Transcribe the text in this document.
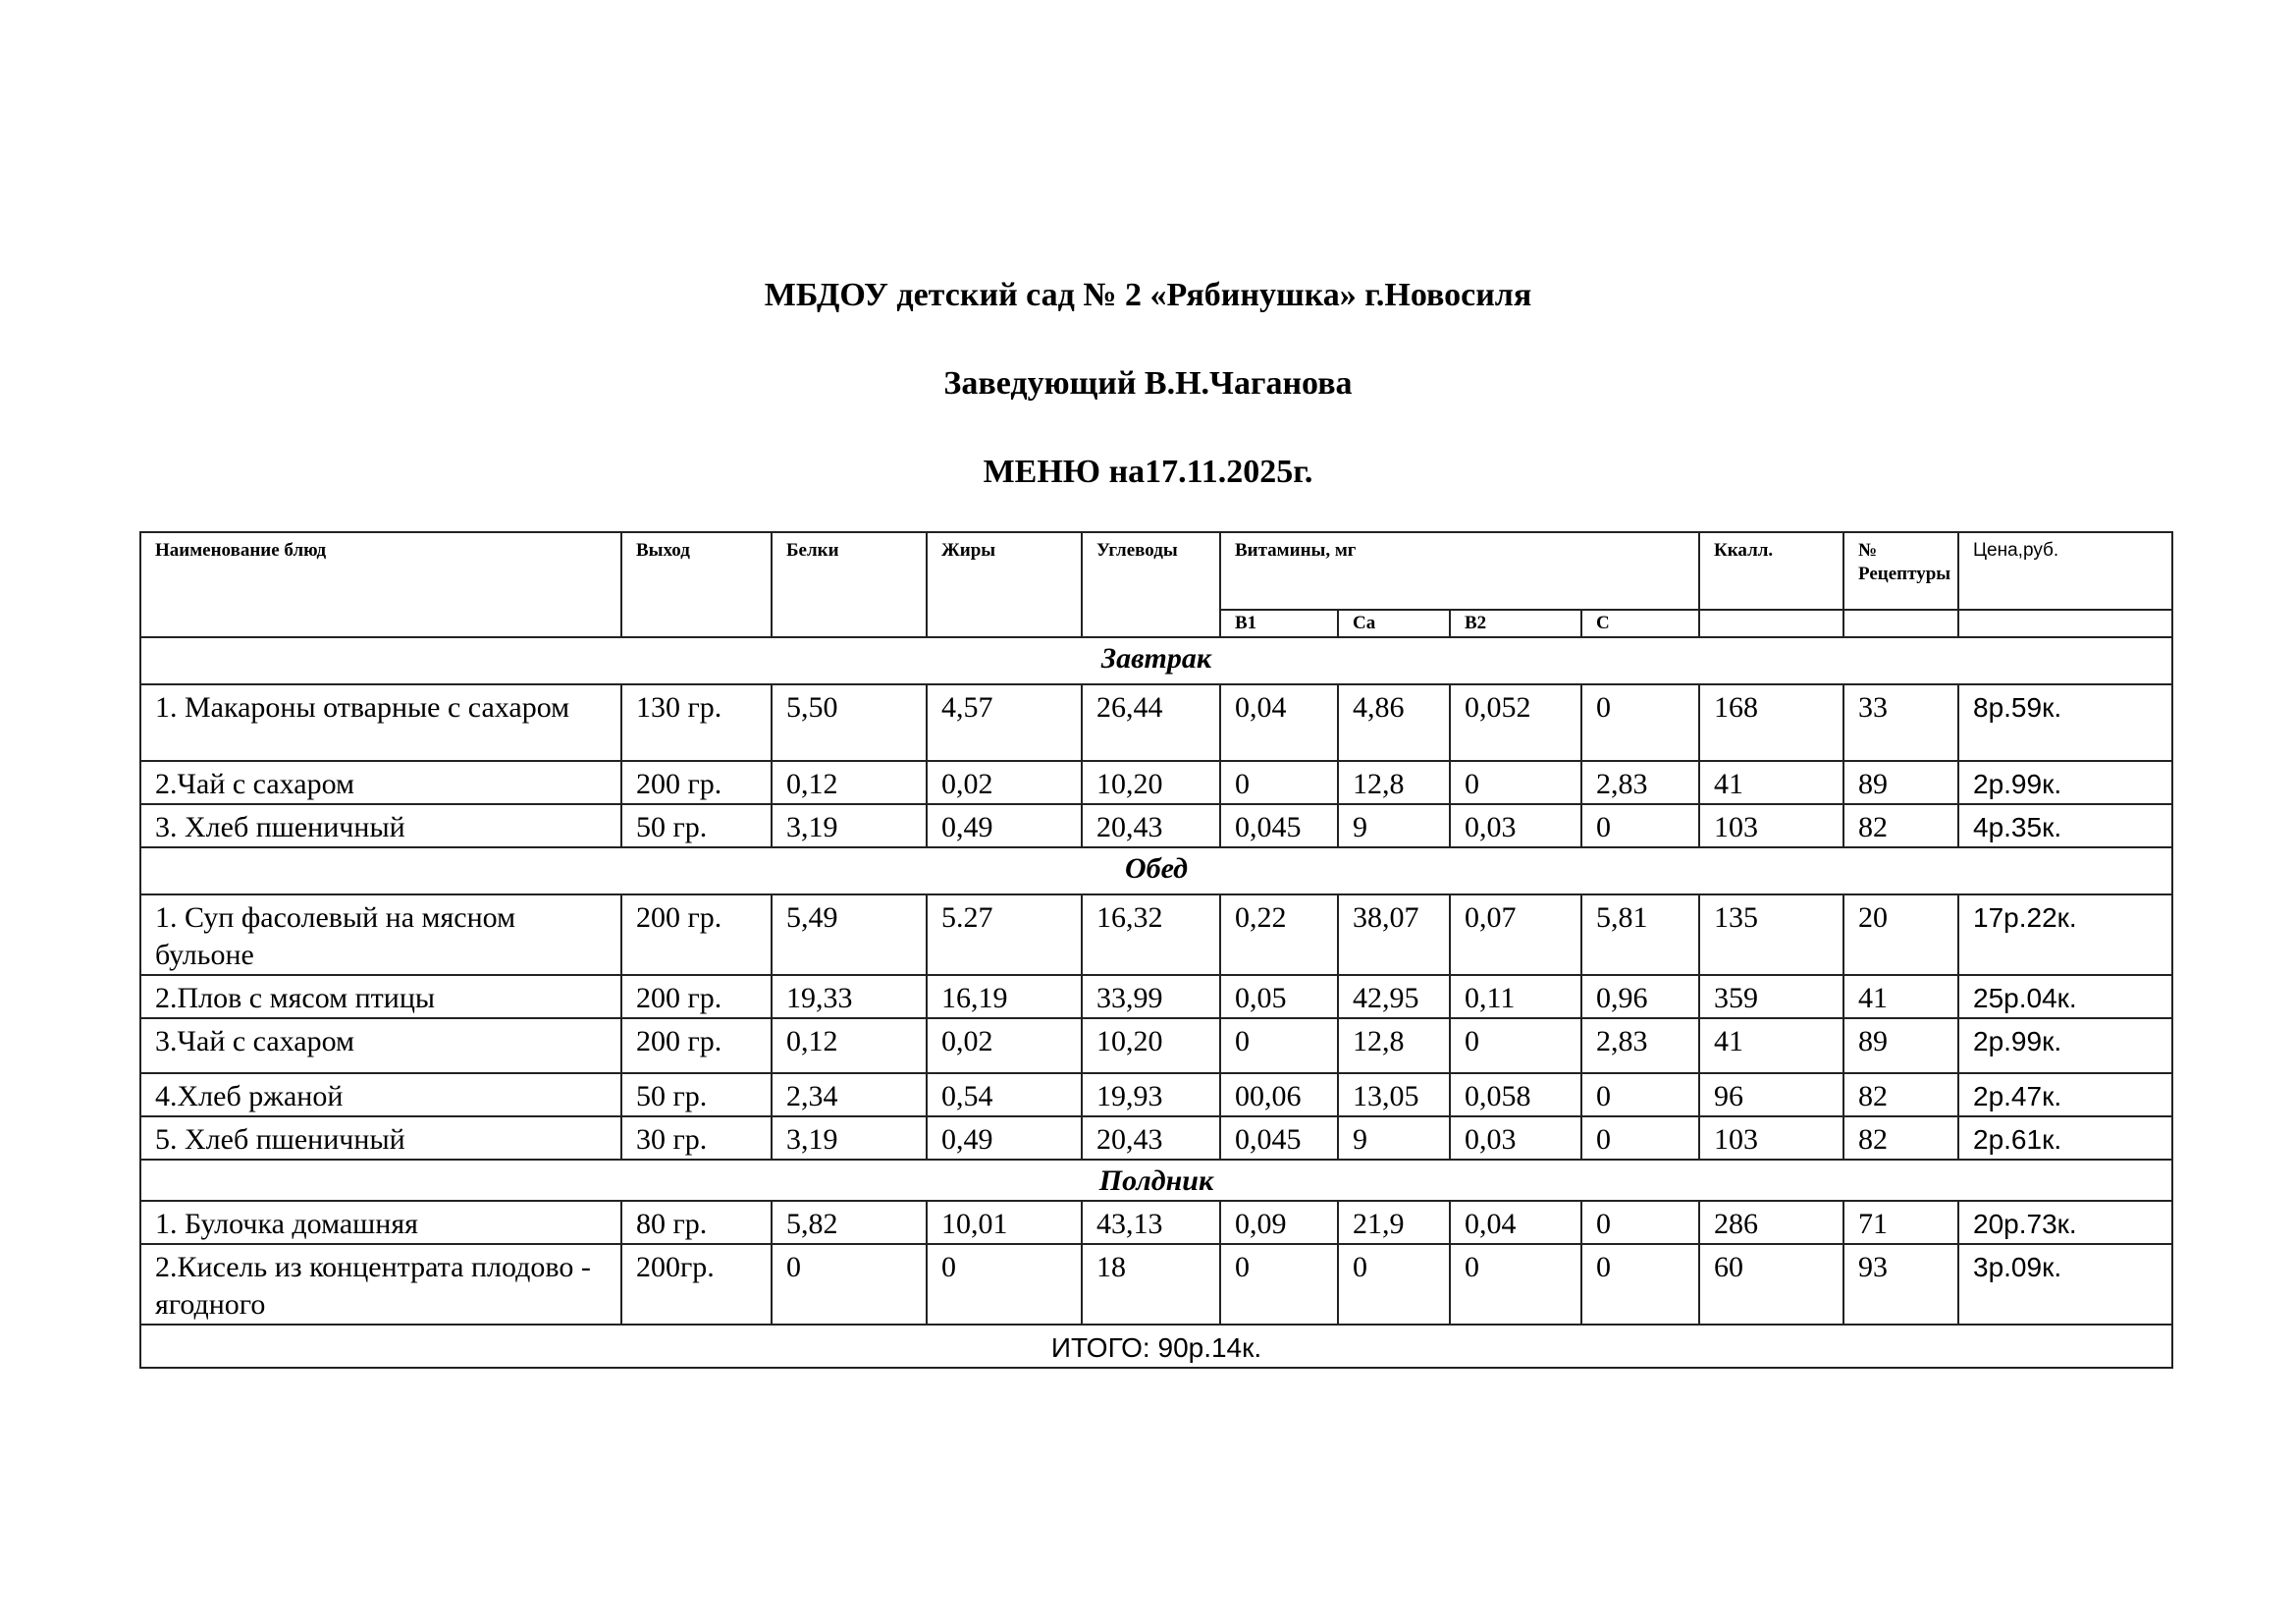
МБДОУ детский сад № 2 «Рябинушка» г.Новосиля
Заведующий В.Н.Чаганова
МЕНЮ на17.11.2025г.
Наименование блюд	Выход	Белки	Жиры	Углеводы	Витамины, мг				Ккалл.	№ Рецептуры	Цена,руб.
					B1	Ca	B2	C			
Завтрак											
1. Макароны отварные с сахаром	130 гр.	5,50	4,57	26,44	0,04	4,86	0,052	0	168	33	8р.59к.
2.Чай с сахаром	200 гр.	0,12	0,02	10,20	0	12,8	0	2,83	41	89	2р.99к.
3. Хлеб пшеничный	50 гр.	3,19	0,49	20,43	0,045	9	0,03	0	103	82	4р.35к.
Обед											
1. Суп фасолевый на мясном бульоне	200 гр.	5,49	5.27	16,32	0,22	38,07	0,07	5,81	135	20	17р.22к.
2.Плов с мясом птицы	200 гр.	19,33	16,19	33,99	0,05	42,95	0,11	0,96	359	41	25р.04к.
3.Чай с сахаром	200 гр.	0,12	0,02	10,20	0	12,8	0	2,83	41	89	2р.99к.
4.Хлеб ржаной	50 гр.	2,34	0,54	19,93	00,06	13,05	0,058	0	96	82	2р.47к.
5. Хлеб пшеничный	30 гр.	3,19	0,49	20,43	0,045	9	0,03	0	103	82	2р.61к.
Полдник											
1. Булочка домашняя	80 гр.	5,82	10,01	43,13	0,09	21,9	0,04	0	286	71	20р.73к.
2.Кисель из концентрата плодово - ягодного	200гр.	0	0	18	0	0	0	0	60	93	3р.09к.
ИТОГО: 90р.14к.											
